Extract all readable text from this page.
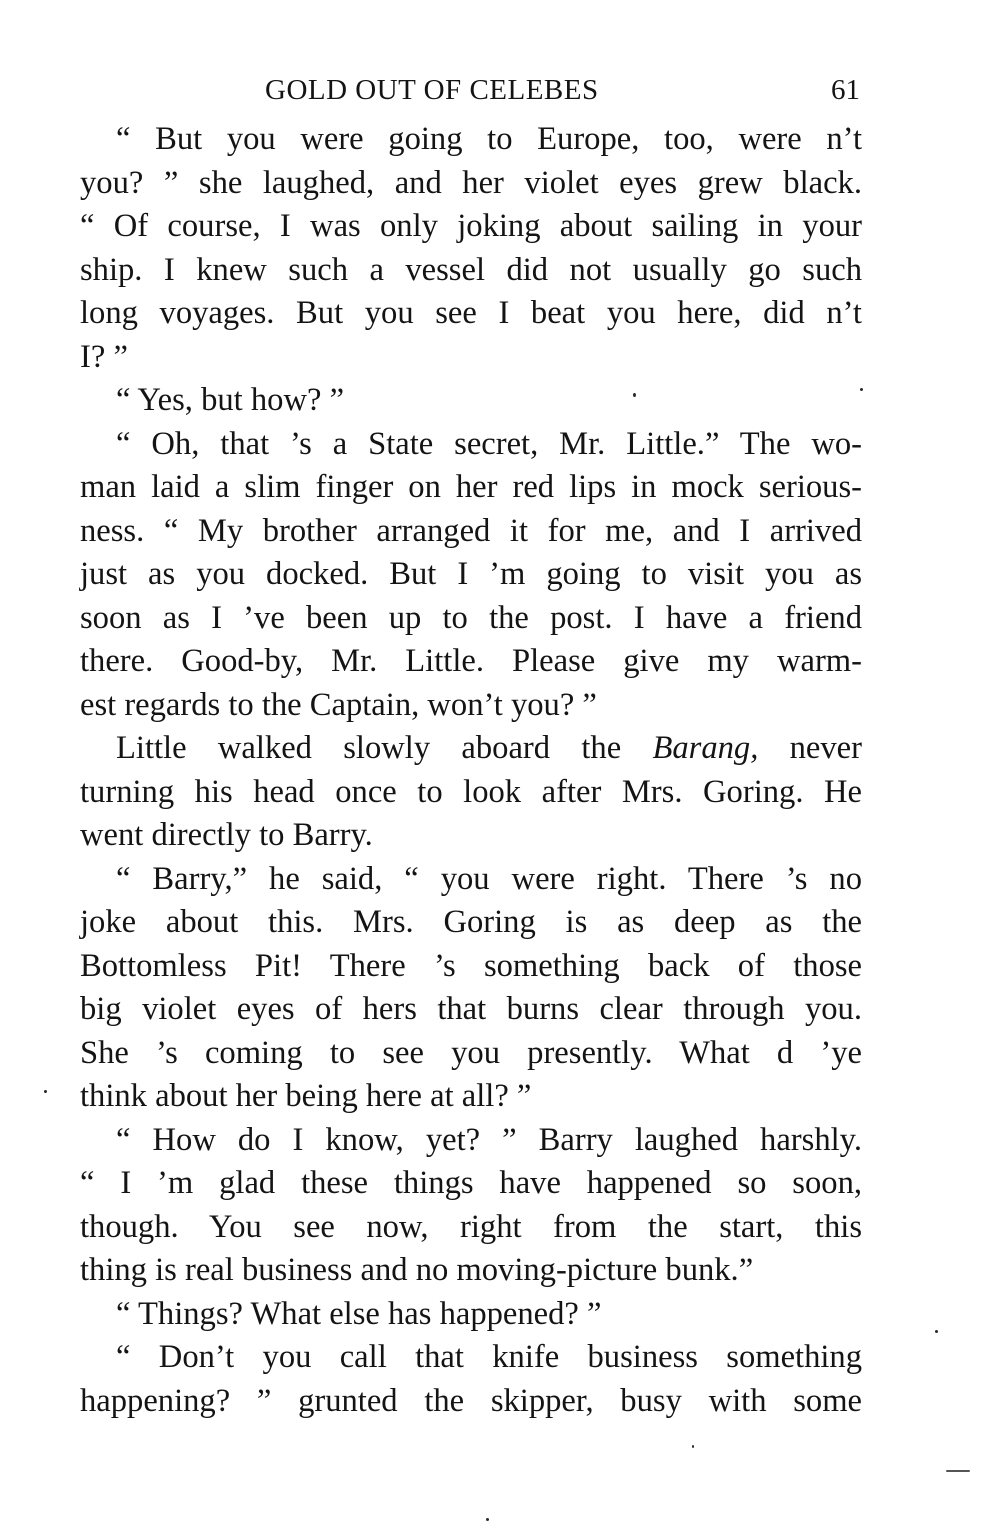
GOLD OUT OF CELEBES	61

“ But you were going to Europe, too, were n’t
you? ” she laughed, and her violet eyes grew black.
“ Of course, I was only joking about sailing in your
ship. I knew such a vessel did not usually go such
long voyages. But you see I beat you here, did n’t
I? ”

“ Yes, but how? ”

“ Oh, that ’s a State secret, Mr. Little.” The wo-
man laid a slim finger on her red lips in mock serious-
ness. “ My brother arranged it for me, and I arrived
just as you docked. But I ’m going to visit you as
soon as I ’ve been up to the post. I have a friend
there. Good-by, Mr. Little. Please give my warm-
est regards to the Captain, won’t you? ”

Little walked slowly aboard the Barang, never
turning his head once to look after Mrs. Goring. He
went directly to Barry.

“ Barry,” he said, “ you were right. There ’s no
joke about this. Mrs. Goring is as deep as the
Bottomless Pit! There ’s something back of those
big violet eyes of hers that burns clear through you.
She ’s coming to see you presently. What d ’ye
think about her being here at all? ”

“ How do I know, yet? ” Barry laughed harshly.
“ I ’m glad these things have happened so soon,
though. You see now, right from the start, this
thing is real business and no moving-picture bunk.”

“ Things? What else has happened? ”

“ Don’t you call that knife business something
happening? ” grunted the skipper, busy with some
